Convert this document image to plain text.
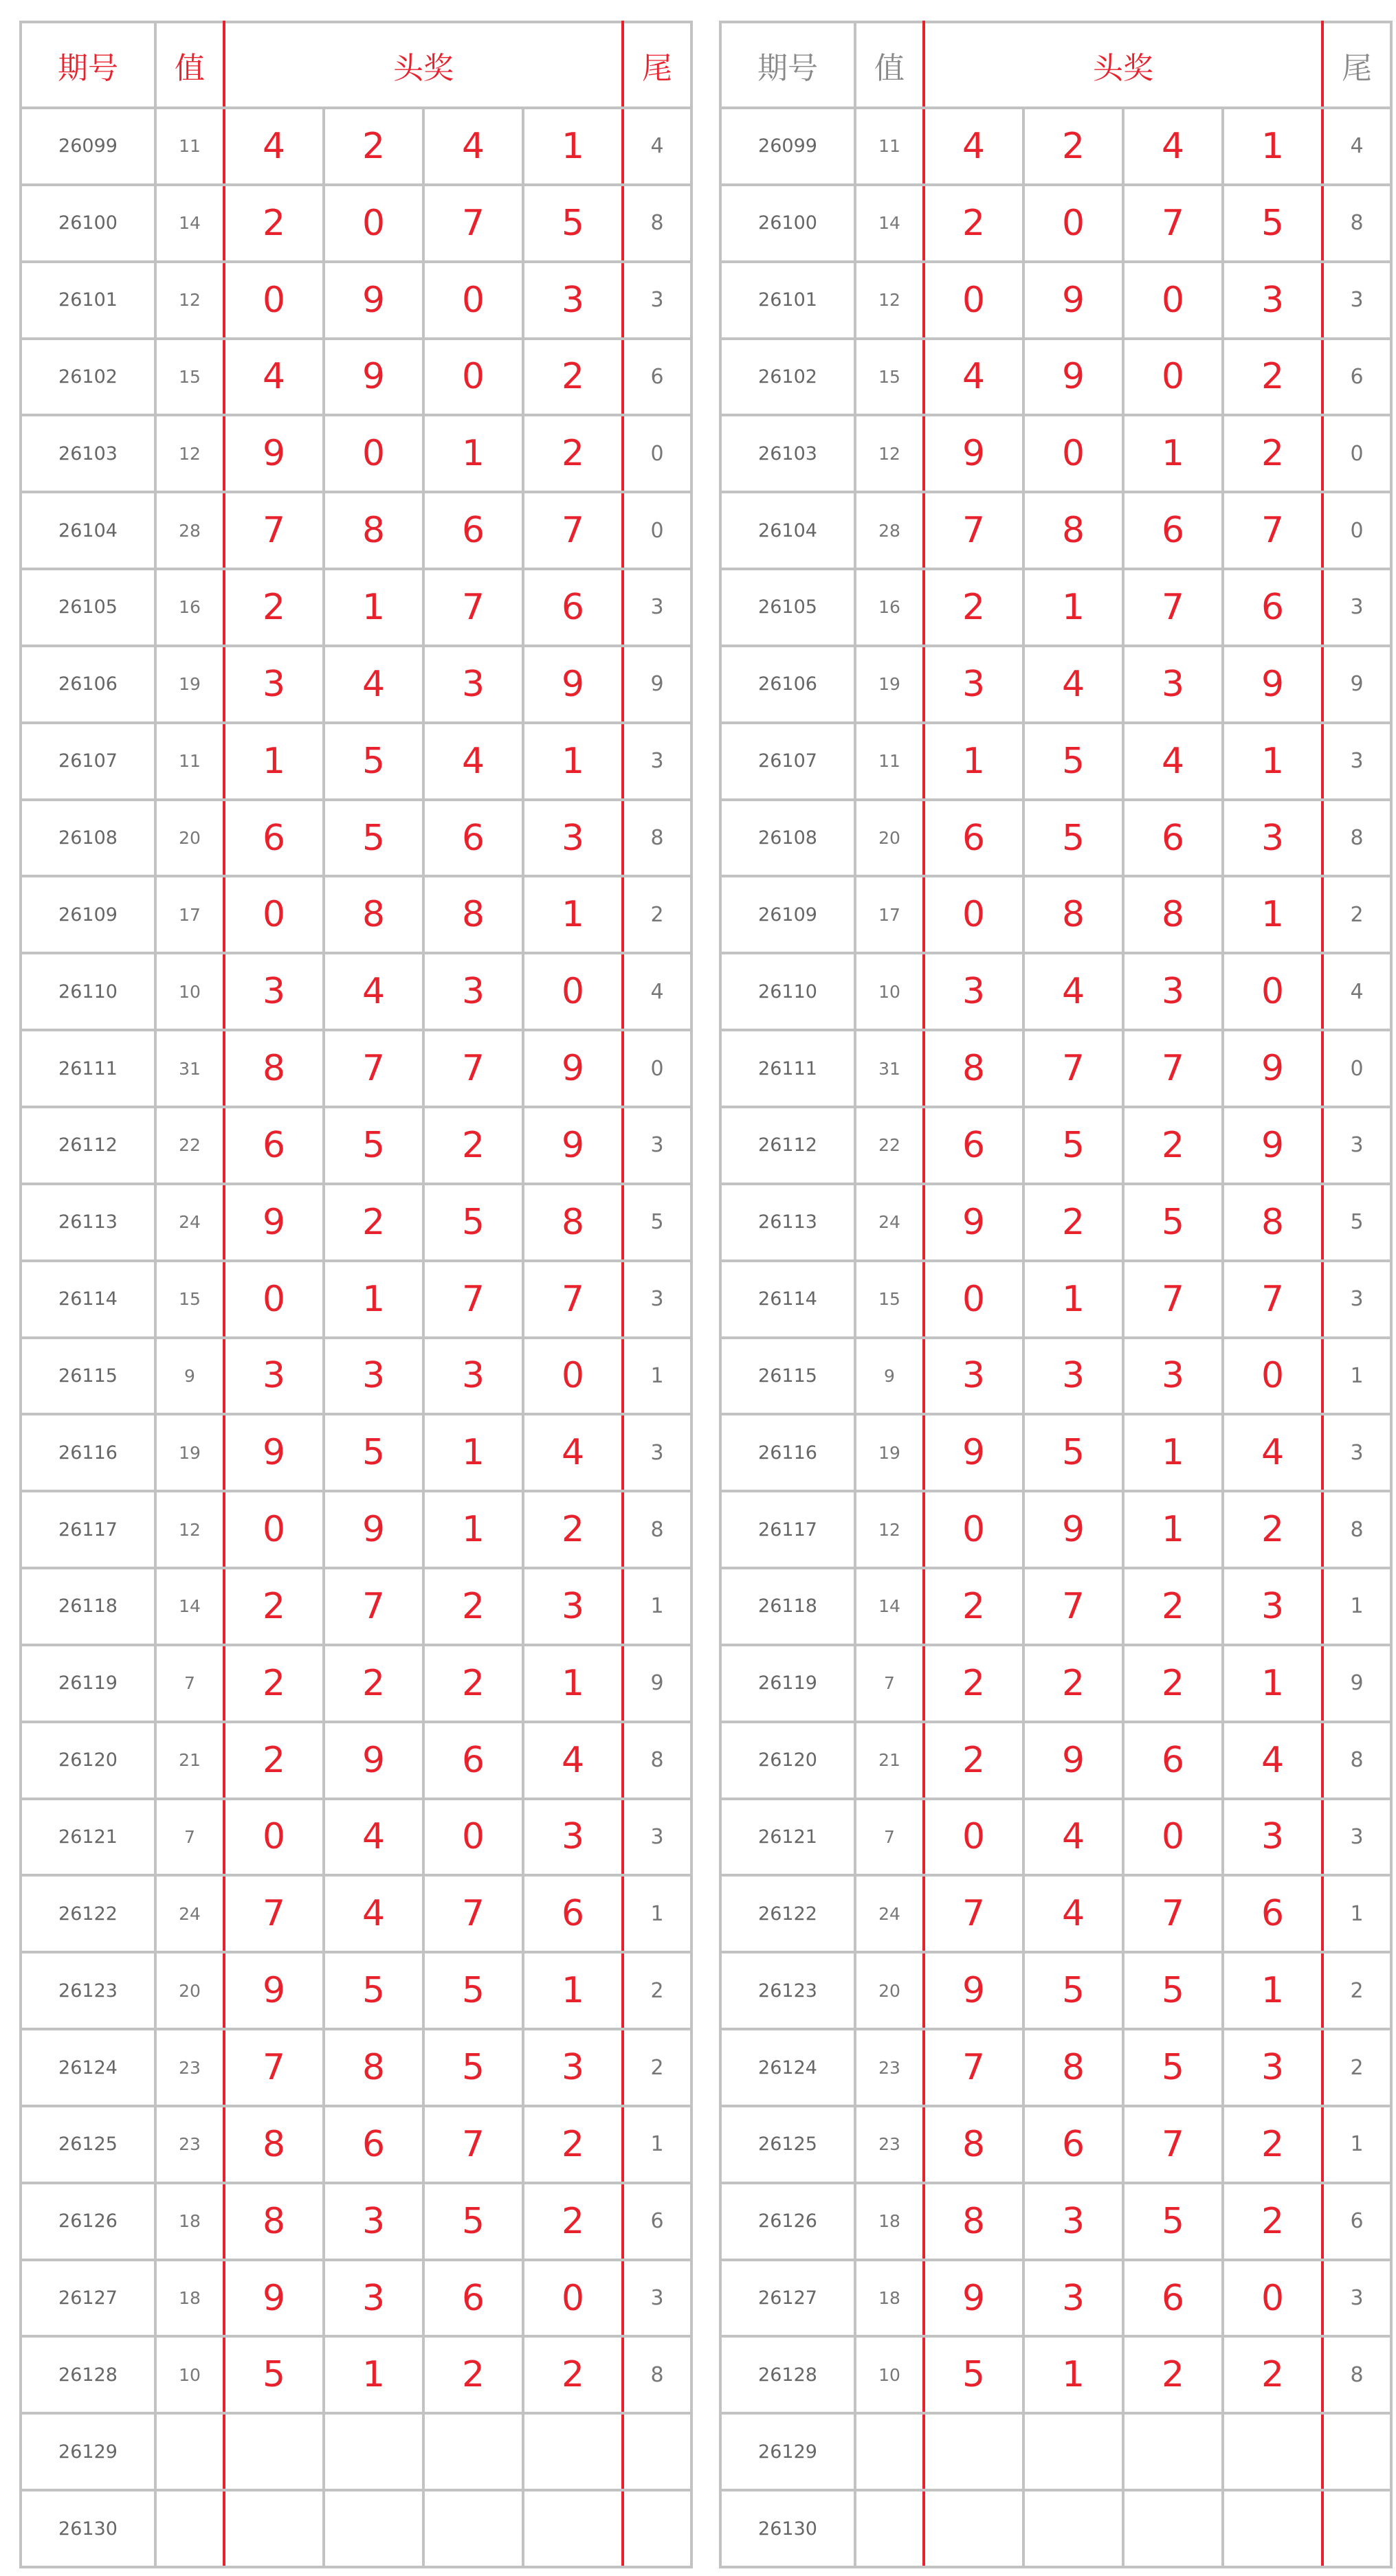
期号	值	头奖				尾
26099	11	4	2	4	1	4
26100	14	2	0	7	5	8
26101	12	0	9	0	3	3
26102	15	4	9	0	2	6
26103	12	9	0	1	2	0
26104	28	7	8	6	7	0
26105	16	2	1	7	6	3
26106	19	3	4	3	9	9
26107	11	1	5	4	1	3
26108	20	6	5	6	3	8
26109	17	0	8	8	1	2
26110	10	3	4	3	0	4
26111	31	8	7	7	9	0
26112	22	6	5	2	9	3
26113	24	9	2	5	8	5
26114	15	0	1	7	7	3
26115	9	3	3	3	0	1
26116	19	9	5	1	4	3
26117	12	0	9	1	2	8
26118	14	2	7	2	3	1
26119	7	2	2	2	1	9
26120	21	2	9	6	4	8
26121	7	0	4	0	3	3
26122	24	7	4	7	6	1
26123	20	9	5	5	1	2
26124	23	7	8	5	3	2
26125	23	8	6	7	2	1
26126	18	8	3	5	2	6
26127	18	9	3	6	0	3
26128	10	5	1	2	2	8
26129						
26130						
期号	值	头奖				尾
26099	11	4	2	4	1	4
26100	14	2	0	7	5	8
26101	12	0	9	0	3	3
26102	15	4	9	0	2	6
26103	12	9	0	1	2	0
26104	28	7	8	6	7	0
26105	16	2	1	7	6	3
26106	19	3	4	3	9	9
26107	11	1	5	4	1	3
26108	20	6	5	6	3	8
26109	17	0	8	8	1	2
26110	10	3	4	3	0	4
26111	31	8	7	7	9	0
26112	22	6	5	2	9	3
26113	24	9	2	5	8	5
26114	15	0	1	7	7	3
26115	9	3	3	3	0	1
26116	19	9	5	1	4	3
26117	12	0	9	1	2	8
26118	14	2	7	2	3	1
26119	7	2	2	2	1	9
26120	21	2	9	6	4	8
26121	7	0	4	0	3	3
26122	24	7	4	7	6	1
26123	20	9	5	5	1	2
26124	23	7	8	5	3	2
26125	23	8	6	7	2	1
26126	18	8	3	5	2	6
26127	18	9	3	6	0	3
26128	10	5	1	2	2	8
26129						
26130						
